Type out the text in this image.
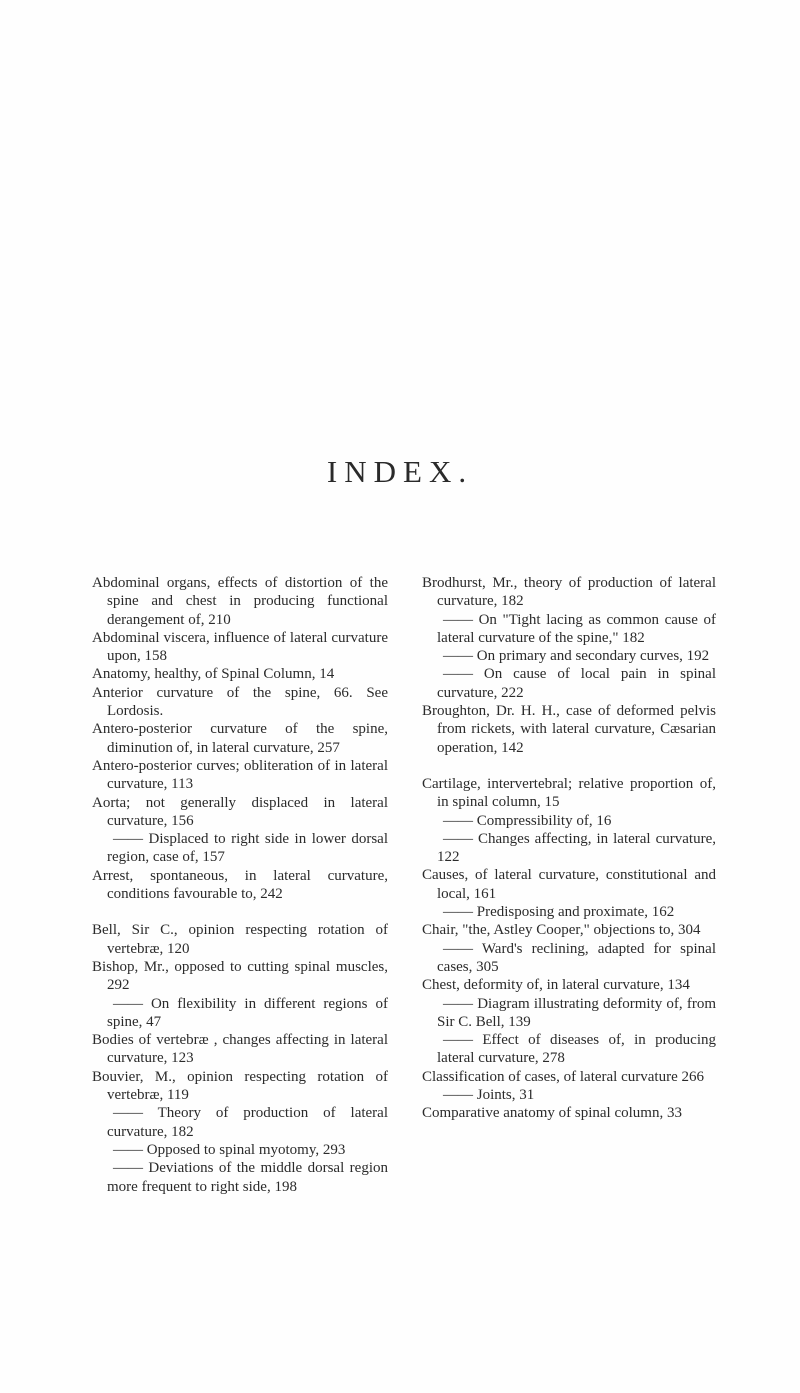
INDEX.

Abdominal organs, effects of distortion of the spine and chest in producing functional derangement of, 210

Abdominal viscera, influence of lateral curvature upon, 158

Anatomy, healthy, of Spinal Column, 14

Anterior curvature of the spine, 66. See Lordosis.

Antero-posterior curvature of the spine, diminution of, in lateral curvature, 257

Antero-posterior curves; obliteration of in lateral curvature, 113

Aorta; not generally displaced in lateral curvature, 156

—— Displaced to right side in lower dorsal region, case of, 157

Arrest, spontaneous, in lateral curvature, conditions favourable to, 242

Bell, Sir C., opinion respecting rotation of vertebræ, 120

Bishop, Mr., opposed to cutting spinal muscles, 292

—— On flexibility in different regions of spine, 47

Bodies of vertebræ , changes affecting in lateral curvature, 123

Bouvier, M., opinion respecting rotation of vertebræ, 119

—— Theory of production of lateral curvature, 182

—— Opposed to spinal myotomy, 293

—— Deviations of the middle dorsal region more frequent to right side, 198

Brodhurst, Mr., theory of production of lateral curvature, 182

—— On "Tight lacing as common cause of lateral curvature of the spine," 182

—— On primary and secondary curves, 192

—— On cause of local pain in spinal curvature, 222

Broughton, Dr. H. H., case of deformed pelvis from rickets, with lateral curvature, Cæsarian operation, 142

Cartilage, intervertebral; relative proportion of, in spinal column, 15

—— Compressibility of, 16

—— Changes affecting, in lateral curvature, 122

Causes, of lateral curvature, constitutional and local, 161

—— Predisposing and proximate, 162

Chair, "the, Astley Cooper," objections to, 304

—— Ward's reclining, adapted for spinal cases, 305

Chest, deformity of, in lateral curvature, 134

—— Diagram illustrating deformity of, from Sir C. Bell, 139

—— Effect of diseases of, in producing lateral curvature, 278

Classification of cases, of lateral curvature 266

—— Joints, 31

Comparative anatomy of spinal column, 33
